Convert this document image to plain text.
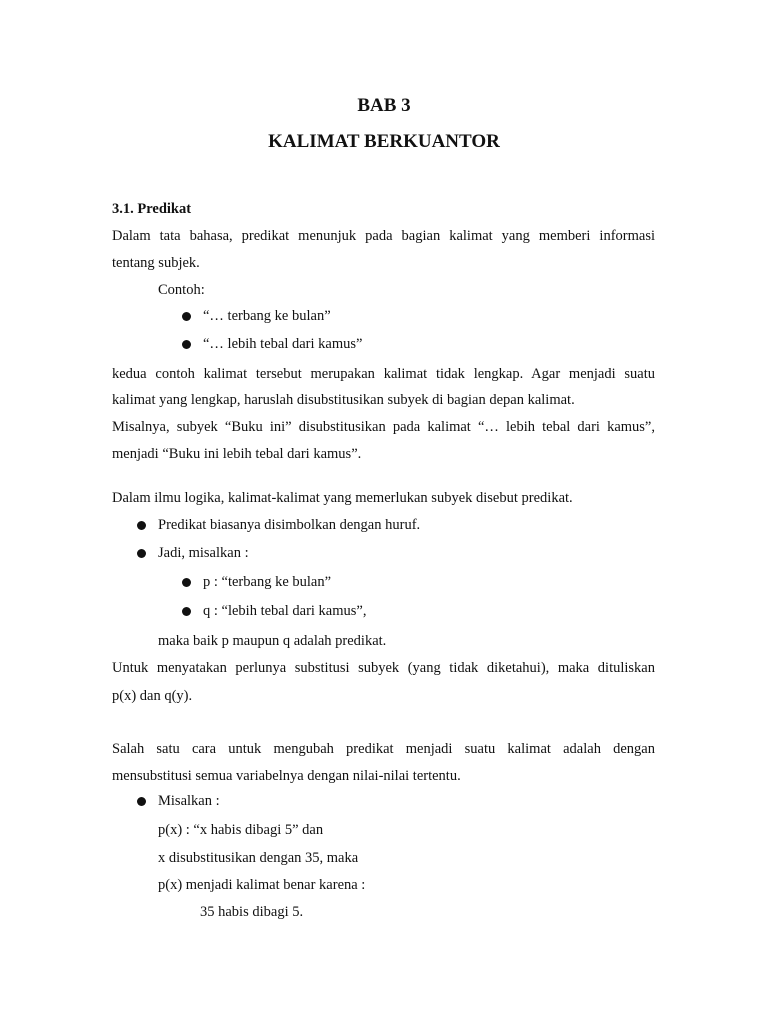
BAB 3
KALIMAT BERKUANTOR
3.1. Predikat
Dalam tata bahasa, predikat menunjuk pada bagian kalimat yang memberi informasi
tentang subjek.
Contoh:
“… terbang ke bulan”
“… lebih tebal dari kamus”
kedua contoh kalimat tersebut merupakan kalimat tidak lengkap. Agar menjadi suatu
kalimat yang lengkap, haruslah disubstitusikan subyek di bagian depan kalimat.
Misalnya, subyek “Buku ini” disubstitusikan pada kalimat “… lebih tebal dari kamus”,
menjadi “Buku ini lebih tebal dari kamus”.
Dalam ilmu logika, kalimat-kalimat yang memerlukan subyek disebut predikat.
Predikat biasanya disimbolkan dengan huruf.
Jadi, misalkan :
p : “terbang ke bulan”
q : “lebih tebal dari kamus”,
maka baik p maupun q adalah predikat.
Untuk menyatakan perlunya substitusi subyek (yang tidak diketahui), maka dituliskan
p(x) dan q(y).
Salah satu cara untuk mengubah predikat menjadi suatu kalimat adalah dengan
mensubstitusi semua variabelnya dengan nilai-nilai tertentu.
Misalkan :
p(x) : “x habis dibagi 5” dan
x disubstitusikan dengan 35, maka
p(x) menjadi kalimat benar karena :
35 habis dibagi 5.
